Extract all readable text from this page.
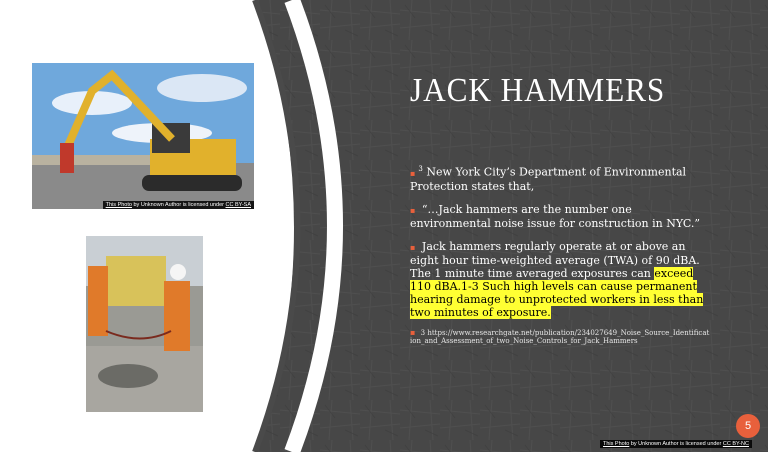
This Photo by Unknown Author is licensed under CC BY-SA
JACK HAMMERS
▪ $^3$ New York City’s Department of Environmental Protection states that,
▪ “…Jack hammers are the number one environmental noise issue for construction in NYC.”
▪ Jack hammers regularly operate at or above an eight hour time-weighted average (TWA) of 90 dBA. The 1 minute time averaged exposures can exceed 110 dBA.1-3 Such high levels can cause permanent hearing damage to unprotected workers in less than two minutes of exposure.
▪ 3 https://www.researchgate.net/publication/234027649_Noise_Source_Identification_and_Assessment_of_two_Noise_Controls_for_Jack_Hammers
5
This Photo by Unknown Author is licensed under CC BY-NC
